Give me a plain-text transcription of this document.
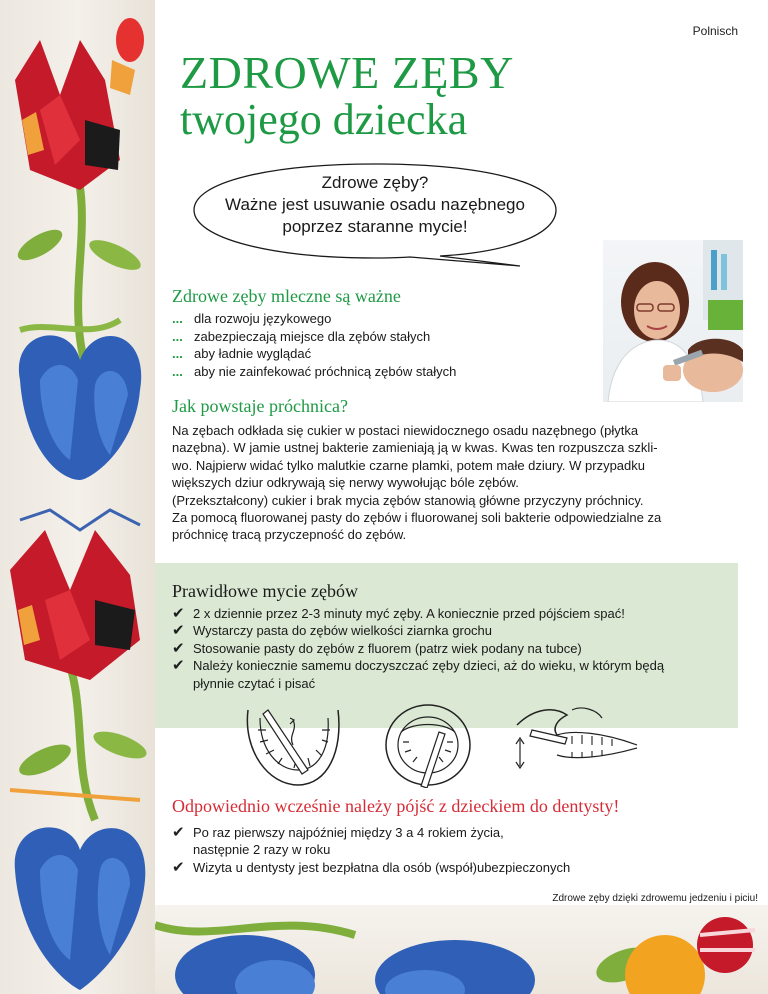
Polnisch
ZDROWE ZĘBY
twojego dziecka
Zdrowe zęby?
Ważne jest usuwanie osadu nazębnego
poprzez staranne mycie!
Zdrowe zęby mleczne są ważne
... dla rozwoju językowego
... zabezpieczają miejsce dla zębów stałych
... aby ładnie wyglądać
... aby nie zainfekować próchnicą zębów stałych
Jak powstaje próchnica?
Na zębach odkłada się cukier w postaci niewidocznego osadu nazębnego (płytka
nazębna). W jamie ustnej bakterie zamieniają ją w kwas. Kwas ten rozpuszcza szkli-
wo. Najpierw widać tylko malutkie czarne plamki, potem małe dziury. W przypadku
większych dziur odkrywają się nerwy wywołując bóle zębów.
(Przekształcony) cukier i brak mycia zębów stanowią główne przyczyny próchnicy.
Za pomocą fluorowanej pasty do zębów i fluorowanej soli bakterie odpowiedzialne za
próchnicę tracą przyczepność do zębów.
Prawidłowe mycie zębów
✔ 2 x dziennie przez 2-3 minuty myć zęby. A koniecznie przed pójściem spać!
✔ Wystarczy pasta do zębów wielkości ziarnka grochu
✔ Stosowanie pasty do zębów z fluorem (patrz wiek podany na tubce)
✔ Należy koniecznie samemu doczyszczać zęby dzieci, aż do wieku, w którym będą
płynnie czytać i pisać
Odpowiednio wcześnie należy pójść z dzieckiem do dentysty!
✔ Po raz pierwszy najpóźniej między 3 a 4 rokiem życia,
następnie 2 razy w roku
✔ Wizyta u dentysty jest bezpłatna dla osób (współ)ubezpieczonych
Zdrowe zęby dzięki zdrowemu jedzeniu i piciu!
